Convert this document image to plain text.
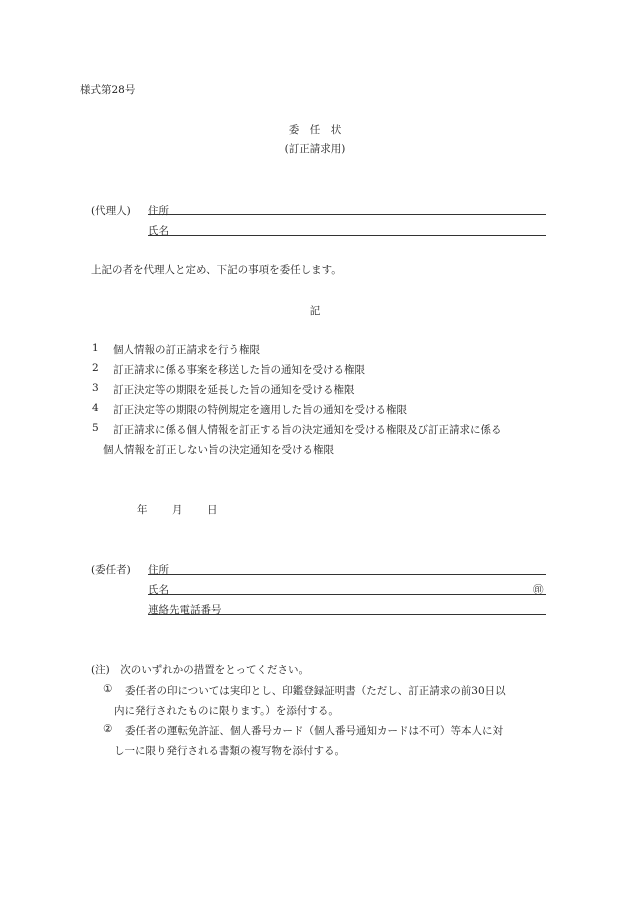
様式第28号
委　任　状
(訂正請求用)
(代理人) 住所
氏名
上記の者を代理人と定め、下記の事項を委任します。
記
1 個人情報の訂正請求を行う権限
2 訂正請求に係る事案を移送した旨の通知を受ける権限
3 訂正決定等の期限を延長した旨の通知を受ける権限
4 訂正決定等の期限の特例規定を適用した旨の通知を受ける権限
5 訂正請求に係る個人情報を訂正する旨の決定通知を受ける権限及び訂正請求に係る
個人情報を訂正しない旨の決定通知を受ける権限
年 月 日
(委任者) 住所
氏名	㊞
連絡先電話番号
(注)　次のいずれかの措置をとってください。
① 委任者の印については実印とし、印鑑登録証明書（ただし、訂正請求の前30日以
内に発行されたものに限ります。）を添付する。
② 委任者の運転免許証、個人番号カード（個人番号通知カードは不可）等本人に対
し一に限り発行される書類の複写物を添付する。
